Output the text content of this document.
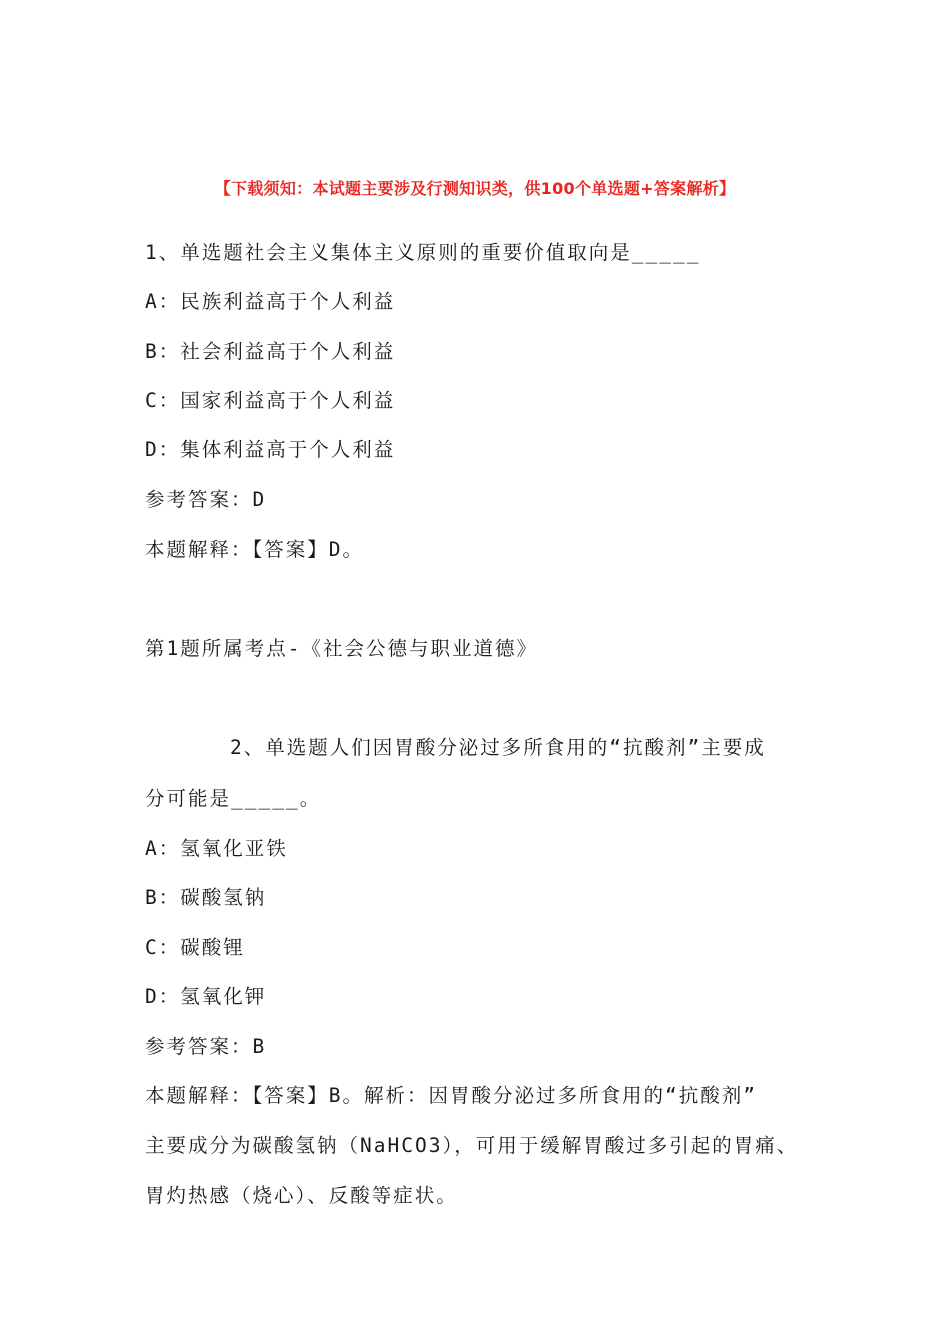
【下载须知：本试题主要涉及行测知识类，供100个单选题+答案解析】
1、单选题社会主义集体主义原则的重要价值取向是_____
A：民族利益高于个人利益
B：社会利益高于个人利益
C：国家利益高于个人利益
D：集体利益高于个人利益
参考答案：D
本题解释：【答案】D。
第1题所属考点-《社会公德与职业道德》
2、单选题人们因胃酸分泌过多所食用的“抗酸剂”主要成
分可能是_____。
A：氢氧化亚铁
B：碳酸氢钠
C：碳酸锂
D：氢氧化钾
参考答案：B
本题解释：【答案】B。解析：因胃酸分泌过多所食用的“抗酸剂”
主要成分为碳酸氢钠（NaHCO3），可用于缓解胃酸过多引起的胃痛、
胃灼热感（烧心）、反酸等症状。
